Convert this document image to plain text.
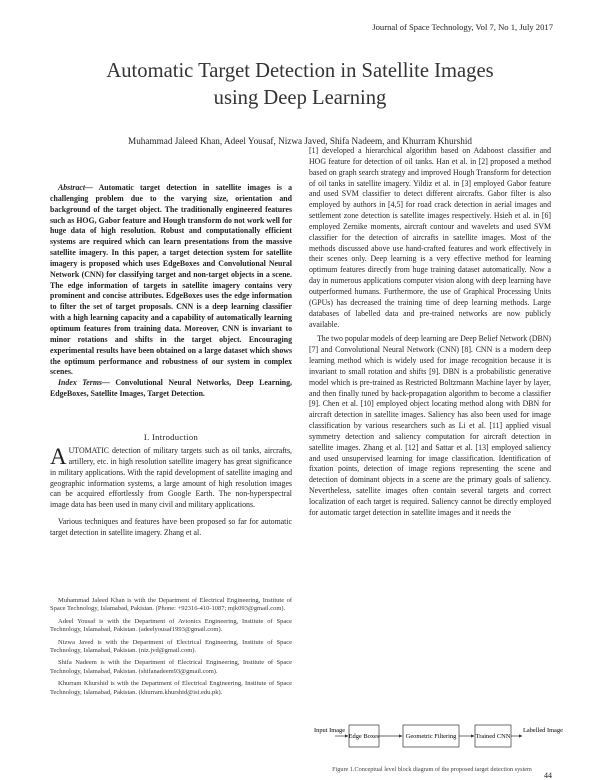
Journal of Space Technology, Vol 7, No 1, July 2017
Automatic Target Detection in Satellite Images
using Deep Learning
Muhammad Jaleed Khan, Adeel Yousaf, Nizwa Javed, Shifa Nadeem, and Khurram Khurshid
Abstract— Automatic target detection in satellite images is a challenging problem due to the varying size, orientation and background of the target object. The traditionally engineered features such as HOG, Gabor feature and Hough transform do not work well for huge data of high resolution. Robust and computationally efficient systems are required which can learn presentations from the massive satellite imagery. In this paper, a target detection system for satellite imagery is proposed which uses EdgeBoxes and Convolutional Neural Network (CNN) for classifying target and non-target objects in a scene. The edge information of targets in satellite imagery contains very prominent and concise attributes. EdgeBoxes uses the edge information to filter the set of target proposals. CNN is a deep learning classifier with a high learning capacity and a capability of automatically learning optimum features from training data. Moreover, CNN is invariant to minor rotations and shifts in the target object. Encouraging experimental results have been obtained on a large dataset which shows the optimum performance and robustness of our system in complex scenes.
Index Terms— Convolutional Neural Networks, Deep Learning, EdgeBoxes, Satellite Images, Target Detection.
I. Introduction

AUTOMATIC detection of military targets such as oil tanks, aircrafts, artillery, etc. in high resolution satellite imagery has great significance in military applications. With the rapid development of satellite imaging and geographic information systems, a large amount of high resolution images can be acquired effortlessly from Google Earth. The non-hyperspectral image data has been used in many civil and military applications.

Various techniques and features have been proposed so far for automatic target detection in satellite imagery. Zhang et al.

Muhammad Jaleed Khan is with the Department of Electrical Engineering, Institute of Space Technology, Islamabad, Pakistan. (Phone: +92316-410-1087; mjk093@gmail.com).

Adeel Yousaf is with the Department of Avionics Engineering, Institute of Space Technology, Islamabad, Pakistan. (adeelyousaf1993@gmail.com).

Nizwa Javed is with the Department of Electrical Engineering, Institute of Space Technology, Islamabad, Pakistan. (niz.jvd@gmail.com).

Shifa Nadeem is with the Department of Electrical Engineering, Institute of Space Technology, Islamabad, Pakistan. (shifanadeem93@gmail.com).

Khurram Khurshid is with the Department of Electrical Engineering, Institute of Space Technology, Islamabad, Pakistan. (khurram.khurshid@ist.edu.pk).

[1] developed a hierarchical algorithm based on Adaboost classifier and HOG feature for detection of oil tanks. Han et al. in [2] proposed a method based on graph search strategy and improved Hough Transform for detection of oil tanks in satellite imagery. Yildiz et al. in [3] employed Gabor feature and used SVM classifier to detect different aircrafts. Gabor filter is also employed by authors in [4,5] for road crack detection in aerial images and settlement zone detection is satellite images respectively. Hsieh et al. in [6] employed Zernike moments, aircraft contour and wavelets and used SVM classifier for the detection of aircrafts in satellite images. Most of the methods discussed above use hand-crafted features and work effectively in their scenes only. Deep learning is a very effective method for learning optimum features directly from huge training dataset automatically. Now a day in numerous applications computer vision along with deep learning have outperformed humans. Furthermore, the use of Graphical Processing Units (GPUs) has decreased the training time of deep learning methods. Large databases of labelled data and pre-trained networks are now publicly available.

The two popular models of deep learning are Deep Belief Network (DBN) [7] and Convolutional Neural Network (CNN) [8]. CNN is a modern deep learning method which is widely used for image recognition because it is invariant to small rotation and shifts [9]. DBN is a probabilistic generative model which is pre-trained as Restricted Boltzmann Machine layer by layer, and then finally tuned by back-propagation algorithm to become a classifier [9]. Chen et al. [10] employed object locating method along with DBN for aircraft detection in satellite images. Saliency has also been used for image classification by various researchers such as Li et al. [11] applied visual symmetry detection and saliency computation for aircraft detection in satellite images. Zhang et al. [12] and Sattar et al. [13] employed saliency and used unsupervised learning for image classification. Identification of fixation points, detection of image regions representing the scene and detection of dominant objects in a scene are the primary goals of saliency. Nevertheless, satellite images often contain several targets and correct localization of each target is required. Saliency cannot be directly employed for automatic target detection in satellite images and it needs the

Input Image
Edge Boxes	Geometric Filtering	Trained CNN
Labelled Image
Figure 1.Conceptual level block diagram of the proposed target detection system
44
